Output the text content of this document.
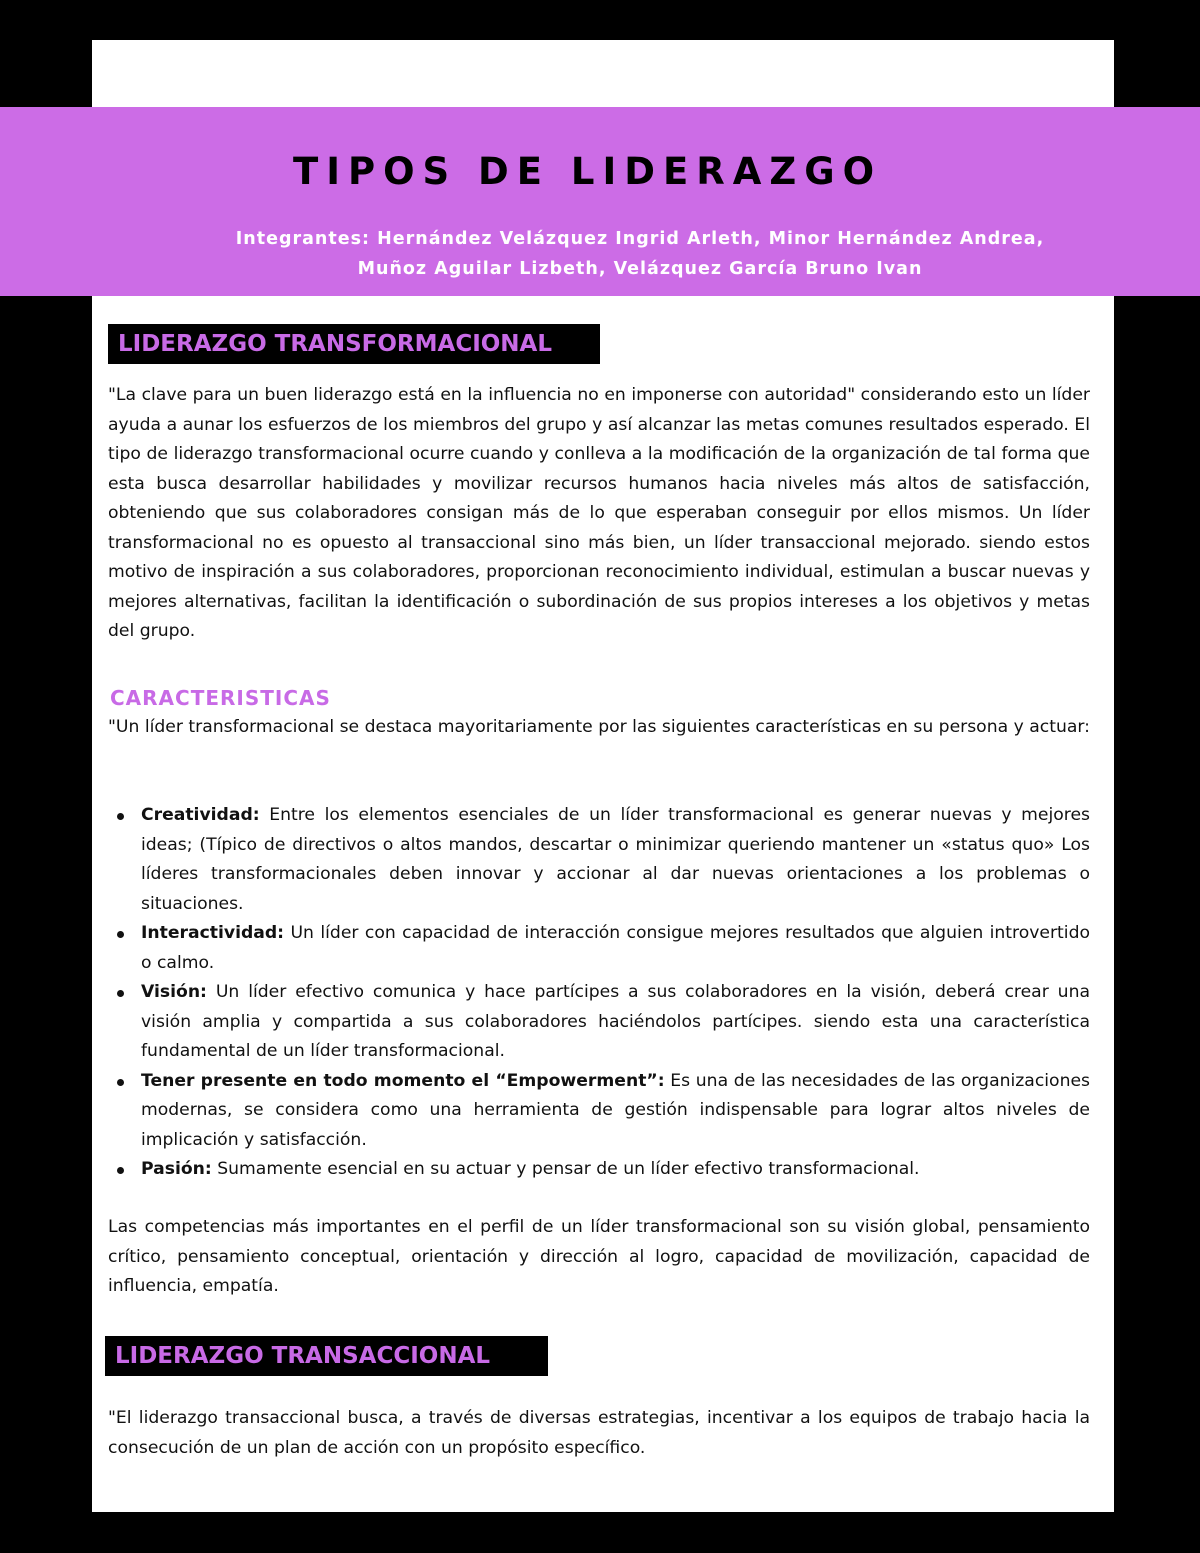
TIPOS DE LIDERAZGO
Integrantes: Hernández Velázquez Ingrid Arleth, Minor Hernández Andrea,
Muñoz Aguilar Lizbeth, Velázquez García Bruno Ivan
LIDERAZGO TRANSFORMACIONAL

"La clave para un buen liderazgo está en la influencia no en imponerse con autoridad" considerando esto un líder ayuda a aunar los esfuerzos de los miembros del grupo y así alcanzar las metas comunes resultados esperado. El tipo de liderazgo transformacional ocurre cuando y conlleva a la modificación de la organización de tal forma que esta busca desarrollar habilidades y movilizar recursos humanos hacia niveles más altos de satisfacción, obteniendo que sus colaboradores consigan más de lo que esperaban conseguir por ellos mismos. Un líder transformacional no es opuesto al transaccional sino más bien, un líder transaccional mejorado. siendo estos motivo de inspiración a sus colaboradores, proporcionan reconocimiento individual, estimulan a buscar nuevas y mejores alternativas, facilitan la identificación o subordinación de sus propios intereses a los objetivos y metas del grupo.

CARACTERISTICAS

"Un líder transformacional se destaca mayoritariamente por las siguientes características en su persona y actuar:

Creatividad: Entre los elementos esenciales de un líder transformacional es generar nuevas y mejores ideas; (Típico de directivos o altos mandos, descartar o minimizar queriendo mantener un «status quo» Los líderes transformacionales deben innovar y accionar al dar nuevas orientaciones a los problemas o situaciones.
Interactividad: Un líder con capacidad de interacción consigue mejores resultados que alguien introvertido o calmo.
Visión: Un líder efectivo comunica y hace partícipes a sus colaboradores en la visión, deberá crear una visión amplia y compartida a sus colaboradores haciéndolos partícipes. siendo esta una característica fundamental de un líder transformacional.
Tener presente en todo momento el “Empowerment”: Es una de las necesidades de las organizaciones modernas, se considera como una herramienta de gestión indispensable para lograr altos niveles de implicación y satisfacción.
Pasión: Sumamente esencial en su actuar y pensar de un líder efectivo transformacional.

Las competencias más importantes en el perfil de un líder transformacional son su visión global, pensamiento crítico, pensamiento conceptual, orientación y dirección al logro, capacidad de movilización, capacidad de influencia, empatía.

LIDERAZGO TRANSACCIONAL

"El liderazgo transaccional busca, a través de diversas estrategias, incentivar a los equipos de trabajo hacia la consecución de un plan de acción con un propósito específico.
